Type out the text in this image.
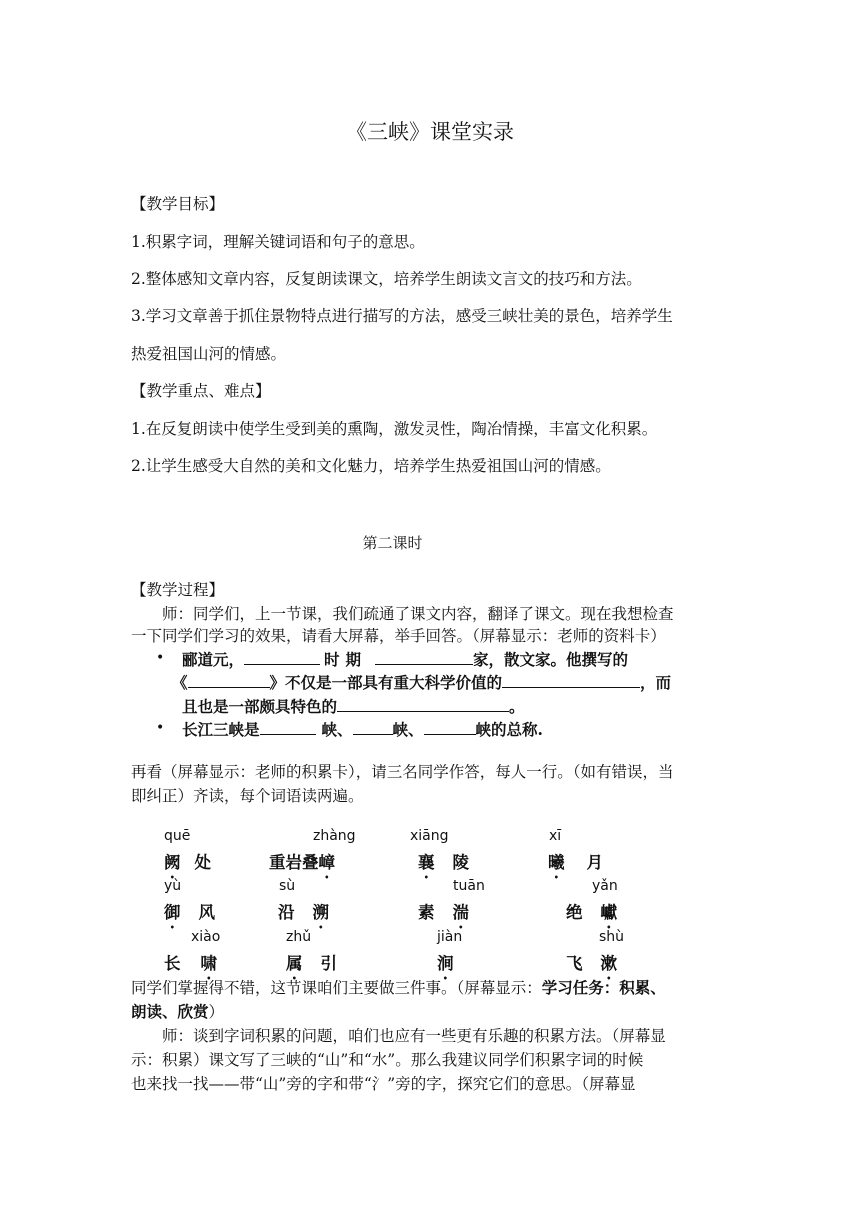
《三峡》课堂实录
【教学目标】
1.积累字词，理解关键词语和句子的意思。
2.整体感知文章内容，反复朗读课文，培养学生朗读文言文的技巧和方法。
3.学习文章善于抓住景物特点进行描写的方法，感受三峡壮美的景色，培养学生
热爱祖国山河的情感。
【教学重点、难点】
1.在反复朗读中使学生受到美的熏陶，激发灵性，陶冶情操，丰富文化积累。
2.让学生感受大自然的美和文化魅力，培养学生热爱祖国山河的情感。
第二课时
【教学过程】
师：同学们，上一节课，我们疏通了课文内容，翻译了课文。现在我想检查
一下同学们学习的效果，请看大屏幕，举手回答。（屏幕显示：老师的资料卡）
• 郦道元，	时期	家，散文家。他撰写的
《	》不仅是一部具有重大科学价值的	，而
且也是一部颇具特色的	。
• 长江三峡是	峡、	峡、	峡的总称.
再看（屏幕显示：老师的积累卡），请三名同学作答，每人一行。（如有错误，当
即纠正）齐读，每个词语读两遍。
quē	zhàng	xiāng	xī
阙 处	重岩叠嶂	襄 陵	曦 月
yù	sù	tuān	yǎn
御 风	沿 溯	素 湍	绝 巘
xiào	zhǔ	jiàn	shù
长 啸	属 引	涧	飞 漱
同学们掌握得不错，这节课咱们主要做三件事。（屏幕显示：学习任务：积累、
朗读、欣赏）
师：谈到字词积累的问题，咱们也应有一些更有乐趣的积累方法。（屏幕显
示：积累）课文写了三峡的“山”和“水”。那么我建议同学们积累字词的时候
也来找一找——带“山”旁的字和带“氵”旁的字，探究它们的意思。（屏幕显
